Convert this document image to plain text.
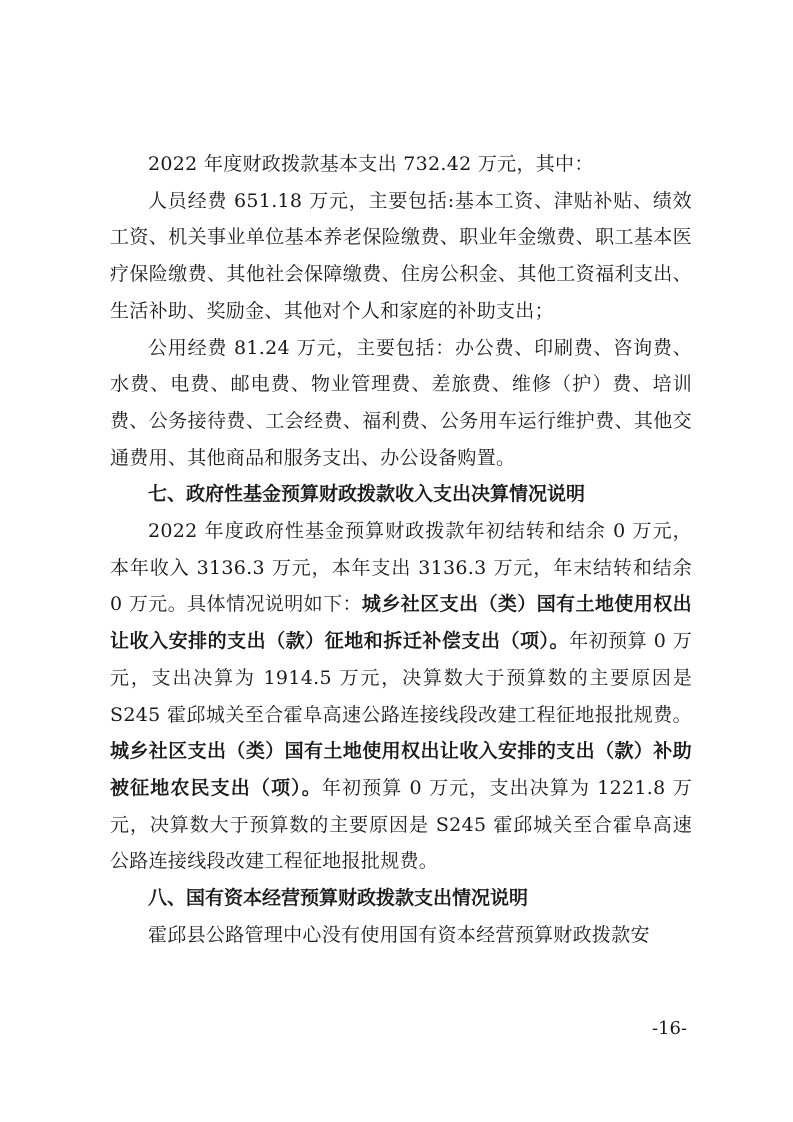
2022 年度财政拨款基本支出 732.42 万元，其中：

人员经费 651.18 万元，主要包括:基本工资、津贴补贴、绩效工资、机关事业单位基本养老保险缴费、职业年金缴费、职工基本医疗保险缴费、其他社会保障缴费、住房公积金、其他工资福利支出、生活补助、奖励金、其他对个人和家庭的补助支出；

公用经费 81.24 万元，主要包括：办公费、印刷费、咨询费、水费、电费、邮电费、物业管理费、差旅费、维修（护）费、培训费、公务接待费、工会经费、福利费、公务用车运行维护费、其他交通费用、其他商品和服务支出、办公设备购置。

七、政府性基金预算财政拨款收入支出决算情况说明

2022 年度政府性基金预算财政拨款年初结转和结余 0 万元，本年收入 3136.3 万元，本年支出 3136.3 万元，年末结转和结余 0 万元。具体情况说明如下：城乡社区支出（类）国有土地使用权出让收入安排的支出（款）征地和拆迁补偿支出（项）。年初预算 0 万元，支出决算为 1914.5 万元，决算数大于预算数的主要原因是 S245 霍邱城关至合霍阜高速公路连接线段改建工程征地报批规费。城乡社区支出（类）国有土地使用权出让收入安排的支出（款）补助被征地农民支出（项）。年初预算 0 万元，支出决算为 1221.8 万元，决算数大于预算数的主要原因是 S245 霍邱城关至合霍阜高速公路连接线段改建工程征地报批规费。

八、国有资本经营预算财政拨款支出情况说明

霍邱县公路管理中心没有使用国有资本经营预算财政拨款安

-16-
